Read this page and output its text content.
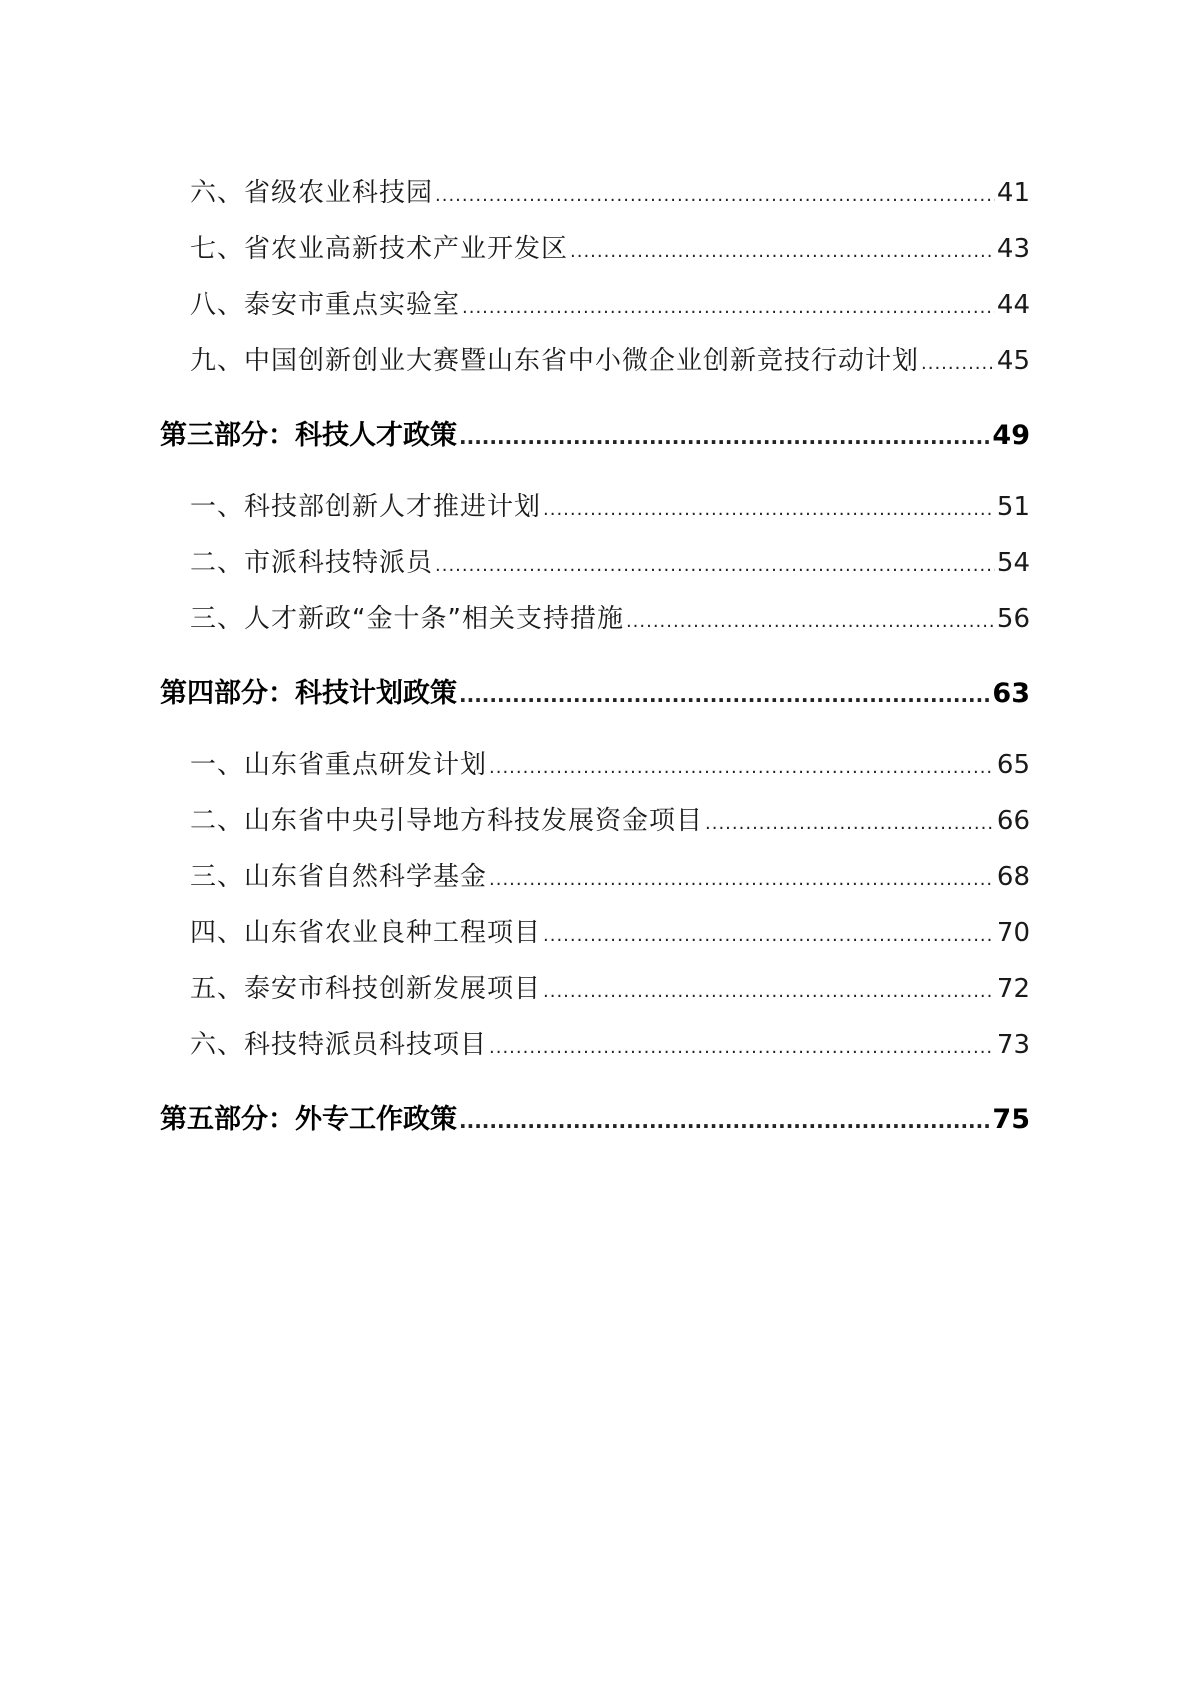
六、省级农业科技园 .....	41
七、省农业高新技术产业开发区 .....	43
八、泰安市重点实验室 .....	44
九、中国创新创业大赛暨山东省中小微企业创新竞技行动计划 .....	45
第三部分：科技人才政策 .....	49
一、科技部创新人才推进计划 .....	51
二、市派科技特派员 .....	54
三、人才新政“金十条”相关支持措施 .....	56
第四部分：科技计划政策 .....	63
一、山东省重点研发计划 .....	65
二、山东省中央引导地方科技发展资金项目 .....	66
三、山东省自然科学基金 .....	68
四、山东省农业良种工程项目 .....	70
五、泰安市科技创新发展项目 .....	72
六、科技特派员科技项目 .....	73
第五部分：外专工作政策 .....	75
